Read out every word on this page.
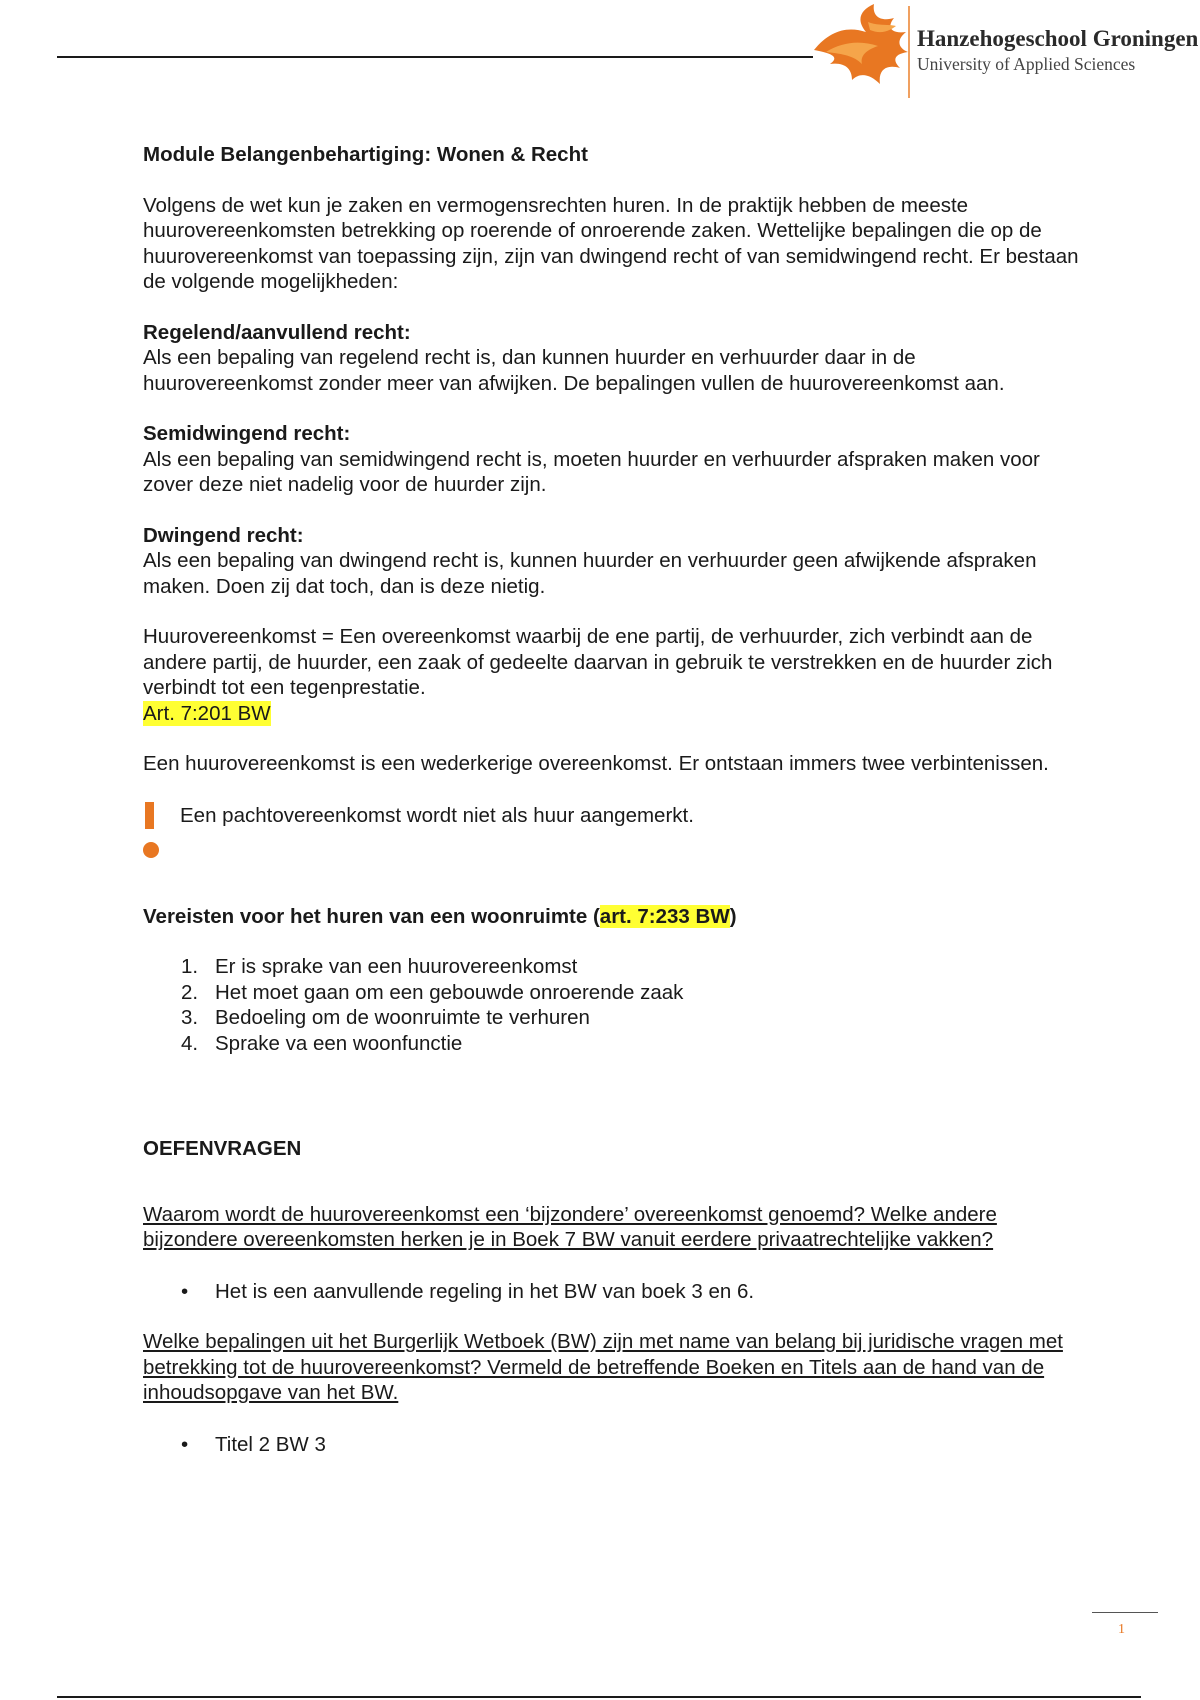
Hanzehogeschool Groningen
University of Applied Sciences

Module Belangenbehartiging: Wonen & Recht

Volgens de wet kun je zaken en vermogensrechten huren. In de praktijk hebben de meeste huurovereenkomsten betrekking op roerende of onroerende zaken. Wettelijke bepalingen die op de huurovereenkomst van toepassing zijn, zijn van dwingend recht of van semidwingend recht. Er bestaan de volgende mogelijkheden:

Regelend/aanvullend recht:

Als een bepaling van regelend recht is, dan kunnen huurder en verhuurder daar in de huurovereenkomst zonder meer van afwijken. De bepalingen vullen de huurovereenkomst aan.

Semidwingend recht:

Als een bepaling van semidwingend recht is, moeten huurder en verhuurder afspraken maken voor zover deze niet nadelig voor de huurder zijn.

Dwingend recht:

Als een bepaling van dwingend recht is, kunnen huurder en verhuurder geen afwijkende afspraken maken. Doen zij dat toch, dan is deze nietig.

Huurovereenkomst = Een overeenkomst waarbij de ene partij, de verhuurder, zich verbindt aan de andere partij, de huurder, een zaak of gedeelte daarvan in gebruik te verstrekken en de huurder zich verbindt tot een tegenprestatie.

Art. 7:201 BW

Een huurovereenkomst is een wederkerige overeenkomst. Er ontstaan immers twee verbintenissen.

Een pachtovereenkomst wordt niet als huur aangemerkt.

Vereisten voor het huren van een woonruimte (art. 7:233 BW)

1. Er is sprake van een huurovereenkomst
2. Het moet gaan om een gebouwde onroerende zaak
3. Bedoeling om de woonruimte te verhuren
4. Sprake va een woonfunctie

OEFENVRAGEN

Waarom wordt de huurovereenkomst een ‘bijzondere’ overeenkomst genoemd? Welke andere bijzondere overeenkomsten herken je in Boek 7 BW vanuit eerdere privaatrechtelijke vakken?

• Het is een aanvullende regeling in het BW van boek 3 en 6.

Welke bepalingen uit het Burgerlijk Wetboek (BW) zijn met name van belang bij juridische vragen met betrekking tot de huurovereenkomst? Vermeld de betreffende Boeken en Titels aan de hand van de inhoudsopgave van het BW.

• Titel 2 BW 3
1
